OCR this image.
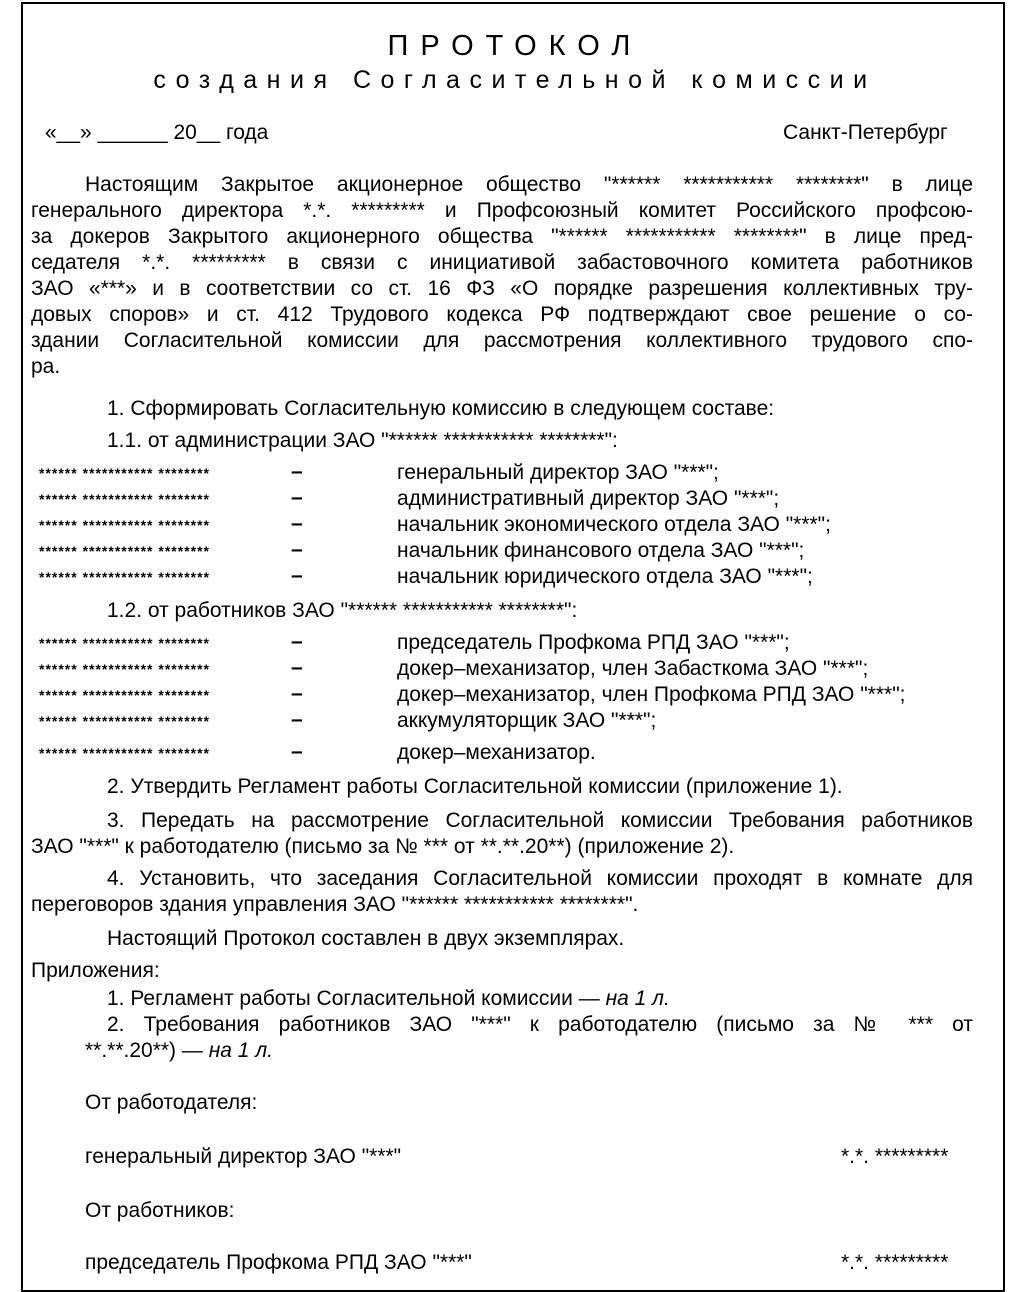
ПРОТОКОЛ
создания Согласительной комиссии
«__» ______ 20__ года	Санкт-Петербург
Настоящим Закрытое акционерное общество "****** *********** ********" в лице
генерального директора *.*. ********* и Профсоюзный комитет Российского профсою-
за докеров Закрытого акционерного общества "****** *********** ********" в лице пред-
седателя *.*. ********* в связи с инициативой забастовочного комитета работников
ЗАО «***» и в соответствии со ст. 16 ФЗ «О порядке разрешения коллективных тру-
довых споров» и ст. 412 Трудового кодекса РФ подтверждают свое решение о со-
здании Согласительной комиссии для рассмотрения коллективного трудового спо-
ра.
1. Сформировать Согласительную комиссию в следующем составе:
1.1. от администрации ЗАО "****** *********** ********":
****** *********** ********	–	генеральный директор ЗАО "***";
****** *********** ********	–	административный директор ЗАО "***";
****** *********** ********	–	начальник экономического отдела ЗАО "***";
****** *********** ********	–	начальник финансового отдела ЗАО "***";
****** *********** ********	–	начальник юридического отдела ЗАО "***";
1.2. от работников ЗАО "****** *********** ********":
****** *********** ********	–	председатель Профкома РПД ЗАО "***";
****** *********** ********	–	докер–механизатор, член Забасткома ЗАО "***";
****** *********** ********	–	докер–механизатор, член Профкома РПД ЗАО "***";
****** *********** ********	–	аккумуляторщик ЗАО "***";
****** *********** ********	–	докер–механизатор.
2. Утвердить Регламент работы Согласительной комиссии (приложение 1).
3. Передать на рассмотрение Согласительной комиссии Требования работников
ЗАО "***" к работодателю (письмо за № *** от **.**.20**) (приложение 2).
4. Установить, что заседания Согласительной комиссии проходят в комнате для
переговоров здания управления ЗАО "****** *********** ********".
Настоящий Протокол составлен в двух экземплярах.
Приложения:
1. Регламент работы Согласительной комиссии — на 1 л.
2. Требования работников ЗАО "***" к работодателю (письмо за № *** от
**.**.20**) — на 1 л.
От работодателя:
генеральный директор ЗАО "***"	*.*. *********
От работников:
председатель Профкома РПД ЗАО "***"	*.*. *********
